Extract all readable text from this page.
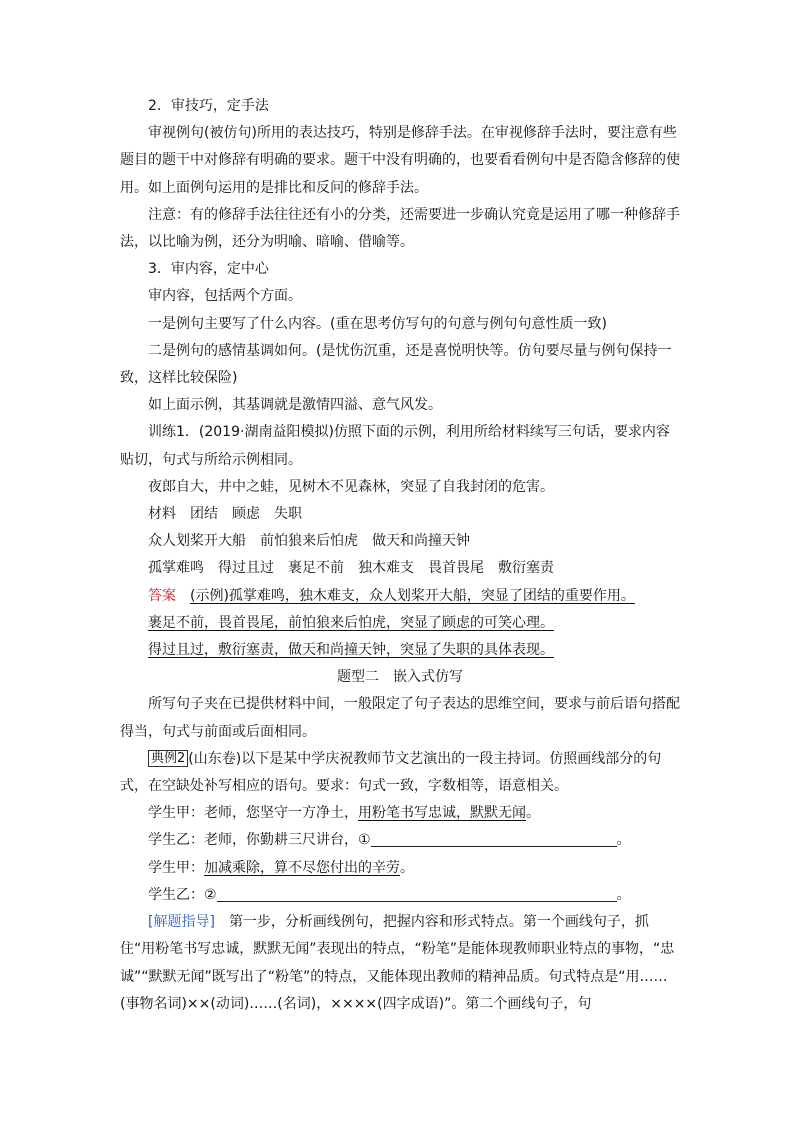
2．审技巧，定手法

审视例句(被仿句)所用的表达技巧，特别是修辞手法。在审视修辞手法时，要注意有些题目的题干中对修辞有明确的要求。题干中没有明确的，也要看看例句中是否隐含修辞的使用。如上面例句运用的是排比和反问的修辞手法。

注意：有的修辞手法往往还有小的分类，还需要进一步确认究竟是运用了哪一种修辞手法，以比喻为例，还分为明喻、暗喻、借喻等。

3．审内容，定中心

审内容，包括两个方面。

一是例句主要写了什么内容。(重在思考仿写句的句意与例句句意性质一致)

二是例句的感情基调如何。(是忧伤沉重，还是喜悦明快等。仿句要尽量与例句保持一致，这样比较保险)

如上面示例，其基调就是激情四溢、意气风发。

训练1．(2019·湖南益阳模拟)仿照下面的示例，利用所给材料续写三句话，要求内容贴切，句式与所给示例相同。

夜郎自大，井中之蛙，见树木不见森林，突显了自我封闭的危害。

材料 团结 顾虑 失职

众人划桨开大船 前怕狼来后怕虎 做天和尚撞天钟

孤掌难鸣 得过且过 裹足不前 独木难支 畏首畏尾 敷衍塞责

答案 (示例)孤掌难鸣，独木难支，众人划桨开大船，突显了团结的重要作用。

裹足不前，畏首畏尾，前怕狼来后怕虎，突显了顾虑的可笑心理。

得过且过，敷衍塞责，做天和尚撞天钟，突显了失职的具体表现。

题型二　嵌入式仿写

所写句子夹在已提供材料中间，一般限定了句子表达的思维空间，要求与前后语句搭配得当，句式与前面或后面相同。

典例2 (山东卷)以下是某中学庆祝教师节文艺演出的一段主持词。仿照画线部分的句式，在空缺处补写相应的语句。要求：句式一致，字数相等，语意相关。

学生甲：老师，您坚守一方净土，用粉笔书写忠诚，默默无闻。

学生乙：老师，你勤耕三尺讲台，①	。

学生甲：加减乘除，算不尽您付出的辛劳。

学生乙：②	。

[解题指导] 第一步，分析画线例句，把握内容和形式特点。第一个画线句子，抓住“用粉笔书写忠诚，默默无闻”表现出的特点，“粉笔”是能体现教师职业特点的事物，“忠诚”“默默无闻”既写出了“粉笔”的特点，又能体现出教师的精神品质。句式特点是“用……(事物名词)××(动词)……(名词)，××××(四字成语)”。第二个画线句子，句
